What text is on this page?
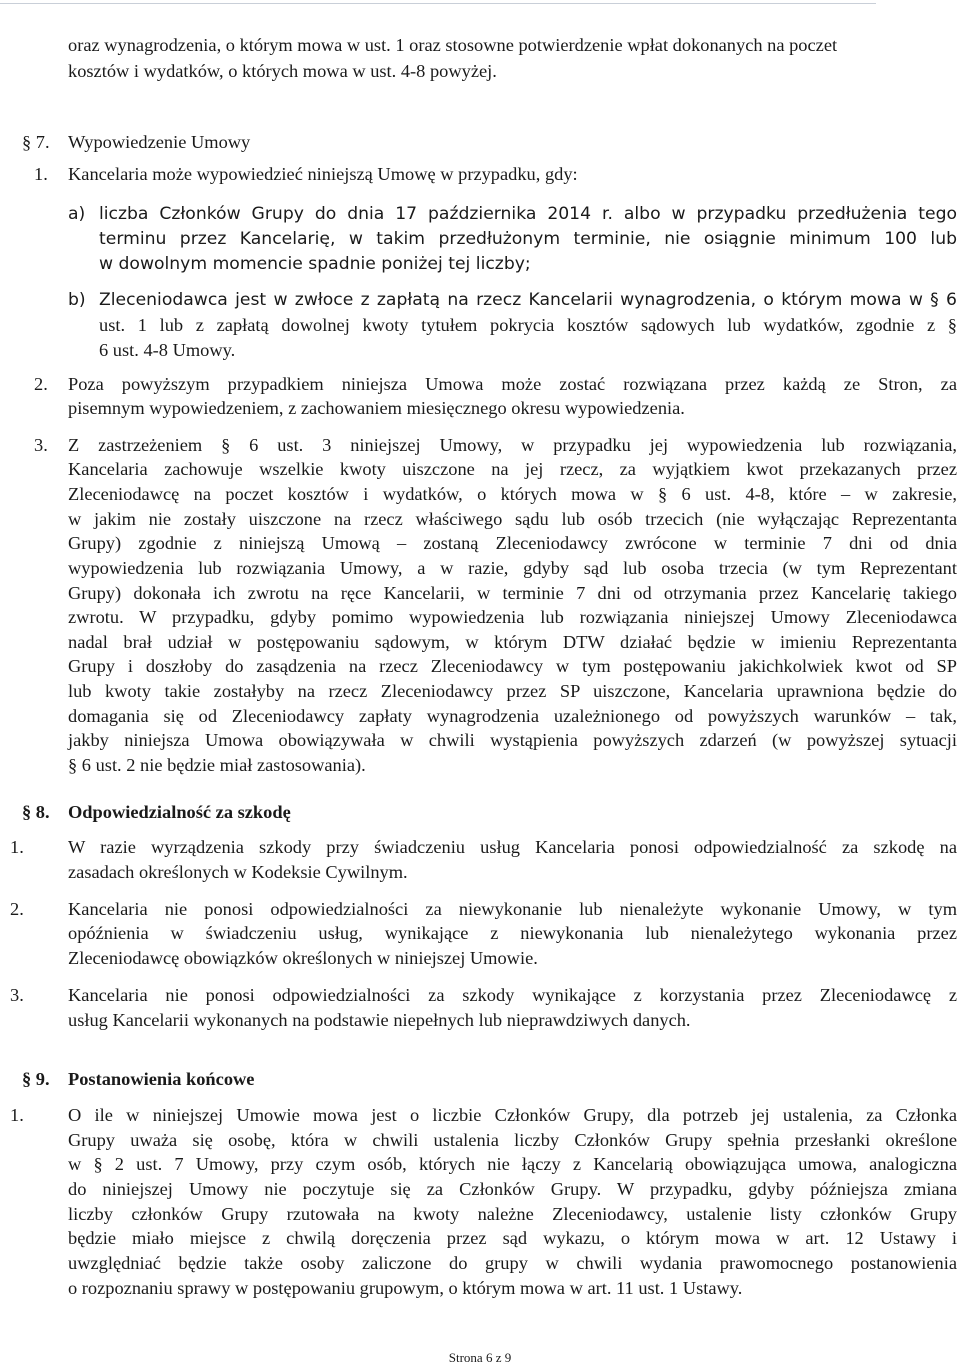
oraz wynagrodzenia, o którym mowa w ust. 1 oraz stosowne potwierdzenie wpłat dokonanych na poczet
kosztów i wydatków, o których mowa w ust. 4-8 powyżej.
§ 7. Wypowiedzenie Umowy
1. Kancelaria może wypowiedzieć niniejszą Umowę w przypadku, gdy:
a) liczba Członków Grupy do dnia 17 października 2014 r. albo w przypadku przedłużenia tego
terminu przez Kancelarię, w takim przedłużonym terminie, nie osiągnie minimum 100 lub
w dowolnym momencie spadnie poniżej tej liczby;
b) Zleceniodawca jest w zwłoce z zapłatą na rzecz Kancelarii wynagrodzenia, o którym mowa w § 6
ust. 1 lub z zapłatą dowolnej kwoty tytułem pokrycia kosztów sądowych lub wydatków, zgodnie z §
6 ust. 4-8 Umowy.
2. Poza powyższym przypadkiem niniejsza Umowa może zostać rozwiązana przez każdą ze Stron, za
pisemnym wypowiedzeniem, z zachowaniem miesięcznego okresu wypowiedzenia.
3. Z zastrzeżeniem § 6 ust. 3 niniejszej Umowy, w przypadku jej wypowiedzenia lub rozwiązania,
Kancelaria zachowuje wszelkie kwoty uiszczone na jej rzecz, za wyjątkiem kwot przekazanych przez
Zleceniodawcę na poczet kosztów i wydatków, o których mowa w § 6 ust. 4-8, które – w zakresie,
w jakim nie zostały uiszczone na rzecz właściwego sądu lub osób trzecich (nie wyłączając Reprezentanta
Grupy) zgodnie z niniejszą Umową – zostaną Zleceniodawcy zwrócone w terminie 7 dni od dnia
wypowiedzenia lub rozwiązania Umowy, a w razie, gdyby sąd lub osoba trzecia (w tym Reprezentant
Grupy) dokonała ich zwrotu na ręce Kancelarii, w terminie 7 dni od otrzymania przez Kancelarię takiego
zwrotu. W przypadku, gdyby pomimo wypowiedzenia lub rozwiązania niniejszej Umowy Zleceniodawca
nadal brał udział w postępowaniu sądowym, w którym DTW działać będzie w imieniu Reprezentanta
Grupy i doszłoby do zasądzenia na rzecz Zleceniodawcy w tym postępowaniu jakichkolwiek kwot od SP
lub kwoty takie zostałyby na rzecz Zleceniodawcy przez SP uiszczone, Kancelaria uprawniona będzie do
domagania się od Zleceniodawcy zapłaty wynagrodzenia uzależnionego od powyższych warunków – tak,
jakby niniejsza Umowa obowiązywała w chwili wystąpienia powyższych zdarzeń (w powyższej sytuacji
§ 6 ust. 2 nie będzie miał zastosowania).
§ 8. Odpowiedzialność za szkodę
1. W razie wyrządzenia szkody przy świadczeniu usług Kancelaria ponosi odpowiedzialność za szkodę na
zasadach określonych w Kodeksie Cywilnym.
2. Kancelaria nie ponosi odpowiedzialności za niewykonanie lub nienależyte wykonanie Umowy, w tym
opóźnienia w świadczeniu usług, wynikające z niewykonania lub nienależytego wykonania przez
Zleceniodawcę obowiązków określonych w niniejszej Umowie.
3. Kancelaria nie ponosi odpowiedzialności za szkody wynikające z korzystania przez Zleceniodawcę z
usług Kancelarii wykonanych na podstawie niepełnych lub nieprawdziwych danych.
§ 9. Postanowienia końcowe
1. O ile w niniejszej Umowie mowa jest o liczbie Członków Grupy, dla potrzeb jej ustalenia, za Członka
Grupy uważa się osobę, która w chwili ustalenia liczby Członków Grupy spełnia przesłanki określone
w § 2 ust. 7 Umowy, przy czym osób, których nie łączy z Kancelarią obowiązująca umowa, analogiczna
do niniejszej Umowy nie poczytuje się za Członków Grupy. W przypadku, gdyby późniejsza zmiana
liczby członków Grupy rzutowała na kwoty należne Zleceniodawcy, ustalenie listy członków Grupy
będzie miało miejsce z chwilą doręczenia przez sąd wykazu, o którym mowa w art. 12 Ustawy i
uwzględniać będzie także osoby zaliczone do grupy w chwili wydania prawomocnego postanowienia
o rozpoznaniu sprawy w postępowaniu grupowym, o którym mowa w art. 11 ust. 1 Ustawy.
Strona 6 z 9
